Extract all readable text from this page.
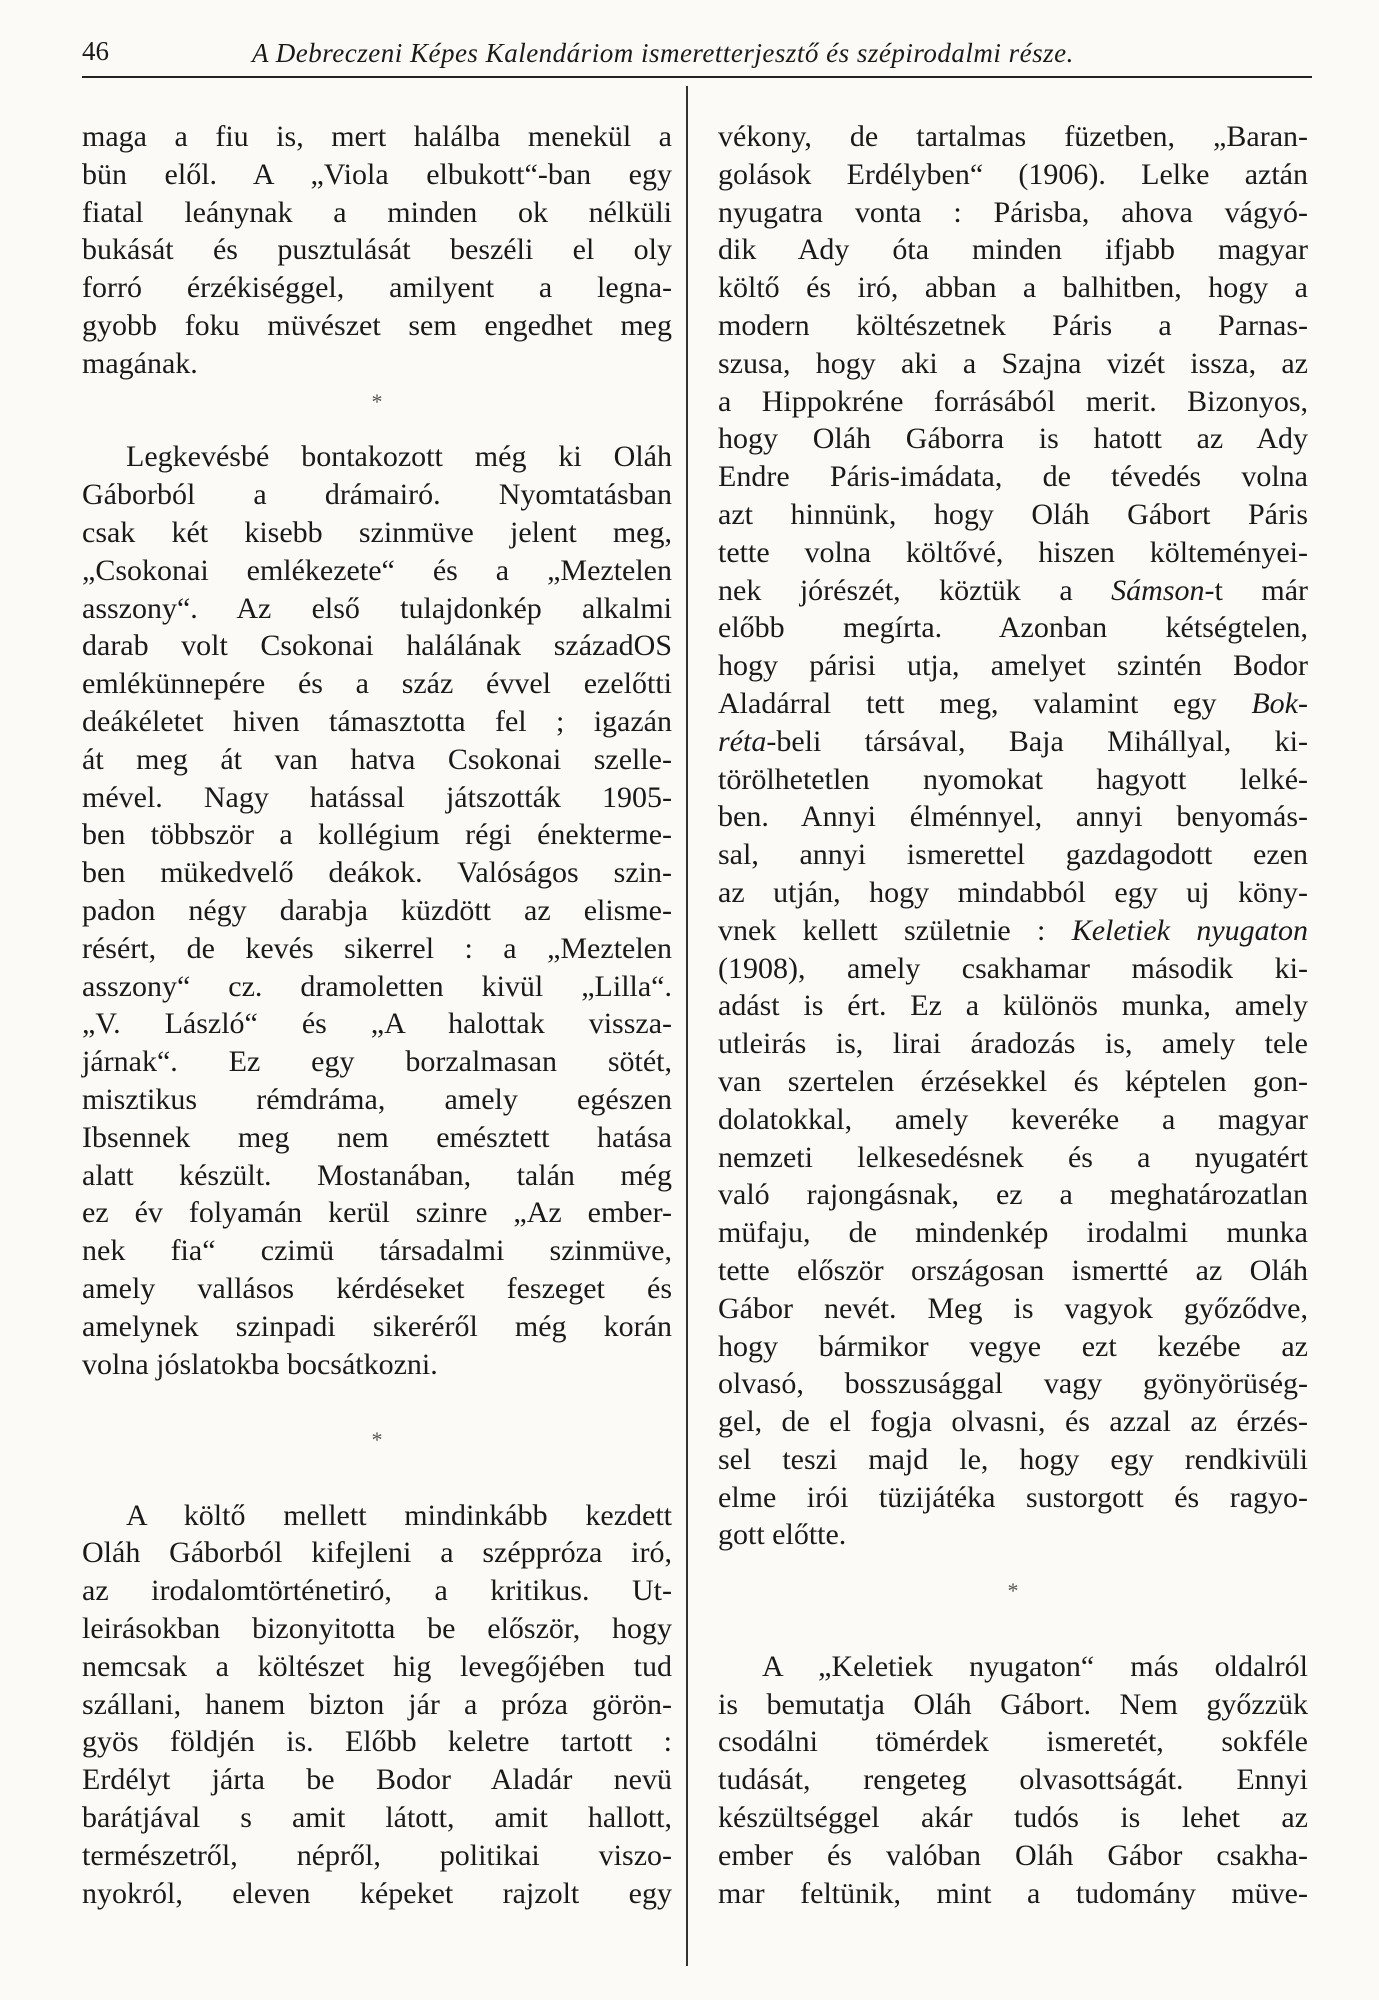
46	A Debreczeni Képes Kalendáriom ismeretterjesztő és szépirodalmi része.
maga a fiu is, mert halálba menekül a
bün elől. A „Viola elbukott“-ban egy
fiatal leánynak a minden ok nélküli
bukását és pusztulását beszéli el oly
forró érzékiséggel, amilyent a legna-
gyobb foku müvészet sem engedhet meg
magának.
*
Legkevésbé bontakozott még ki Oláh
Gáborból a drámairó. Nyomtatásban
csak két kisebb szinmüve jelent meg,
„Csokonai emlékezete“ és a „Meztelen
asszony“. Az első tulajdonkép alkalmi
darab volt Csokonai halálának századOS
emlékünnepére és a száz évvel ezelőtti
deákéletet hiven támasztotta fel ; igazán
át meg át van hatva Csokonai szelle-
mével. Nagy hatással játszották 1905-
ben többször a kollégium régi énekterme-
ben mükedvelő deákok. Valóságos szin-
padon négy darabja küzdött az elisme-
résért, de kevés sikerrel : a „Meztelen
asszony“ cz. dramoletten kivül „Lilla“.
„V. László“ és „A halottak vissza-
járnak“. Ez egy borzalmasan sötét,
misztikus rémdráma, amely egészen
Ibsennek meg nem emésztett hatása
alatt készült. Mostanában, talán még
ez év folyamán kerül szinre „Az ember-
nek fia“ czimü társadalmi szinmüve,
amely vallásos kérdéseket feszeget és
amelynek szinpadi sikeréről még korán
volna jóslatokba bocsátkozni.
*
A költő mellett mindinkább kezdett
Oláh Gáborból kifejleni a széppróza iró,
az irodalomtörténetiró, a kritikus. Ut-
leirásokban bizonyitotta be először, hogy
nemcsak a költészet hig levegőjében tud
szállani, hanem bizton jár a próza görön-
gyös földjén is. Előbb keletre tartott :
Erdélyt járta be Bodor Aladár nevü
barátjával s amit látott, amit hallott,
természetről, népről, politikai viszo-
nyokról, eleven képeket rajzolt egy
vékony, de tartalmas füzetben, „Baran-
golások Erdélyben“ (1906). Lelke aztán
nyugatra vonta : Párisba, ahova vágyó-
dik Ady óta minden ifjabb magyar
költő és iró, abban a balhitben, hogy a
modern költészetnek Páris a Parnas-
szusa, hogy aki a Szajna vizét issza, az
a Hippokréne forrásából merit. Bizonyos,
hogy Oláh Gáborra is hatott az Ady
Endre Páris-imádata, de tévedés volna
azt hinnünk, hogy Oláh Gábort Páris
tette volna költővé, hiszen költeményei-
nek jórészét, köztük a Sámson-t már
előbb megírta. Azonban kétségtelen,
hogy párisi utja, amelyet szintén Bodor
Aladárral tett meg, valamint egy Bok-
réta-beli társával, Baja Mihállyal, ki-
törölhetetlen nyomokat hagyott lelké-
ben. Annyi élménnyel, annyi benyomás-
sal, annyi ismerettel gazdagodott ezen
az utján, hogy mindabból egy uj köny-
vnek kellett születnie : Keletiek nyugaton
(1908), amely csakhamar második ki-
adást is ért. Ez a különös munka, amely
utleirás is, lirai áradozás is, amely tele
van szertelen érzésekkel és képtelen gon-
dolatokkal, amely keveréke a magyar
nemzeti lelkesedésnek és a nyugatért
való rajongásnak, ez a meghatározatlan
müfaju, de mindenkép irodalmi munka
tette először országosan ismertté az Oláh
Gábor nevét. Meg is vagyok győződve,
hogy bármikor vegye ezt kezébe az
olvasó, bosszusággal vagy gyönyörüség-
gel, de el fogja olvasni, és azzal az érzés-
sel teszi majd le, hogy egy rendkivüli
elme irói tüzijátéka sustorgott és ragyo-
gott előtte.
*
A „Keletiek nyugaton“ más oldalról
is bemutatja Oláh Gábort. Nem győzzük
csodálni tömérdek ismeretét, sokféle
tudását, rengeteg olvasottságát. Ennyi
készültséggel akár tudós is lehet az
ember és valóban Oláh Gábor csakha-
mar feltünik, mint a tudomány müve-
